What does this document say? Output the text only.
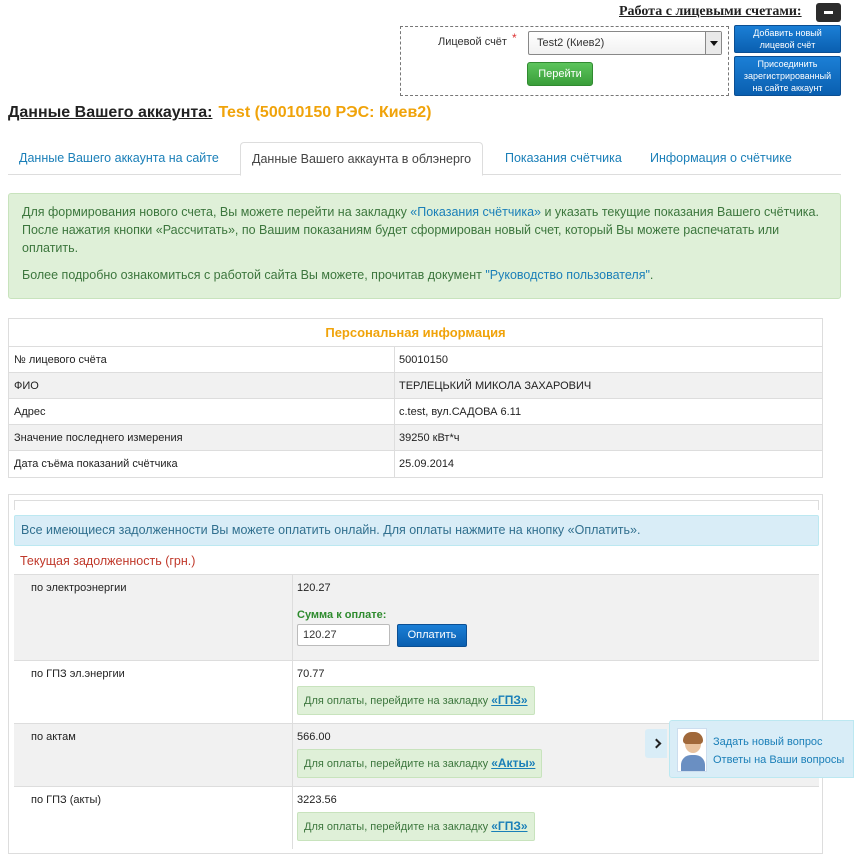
Работа с лицевыми счетами:
Лицевой счёт * Test2 (Киев2)
Перейти
Добавить новый лицевой счёт
Присоединить зарегистрированный на сайте аккаунт
Данные Вашего аккаунта: Test (50010150 РЭС: Киев2)
Данные Вашего аккаунта на сайте	Данные Вашего аккаунта в облэнерго	Показания счётчика	Информация о счётчике

Для формирования нового счета, Вы можете перейти на закладку «Показания счётчика» и указать текущие показания Вашего счётчика. После нажатия кнопки «Рассчитать», по Вашим показаниям будет сформирован новый счет, который Вы можете распечатать или оплатить.

Более подробно ознакомиться с работой сайта Вы можете, прочитав документ "Руководство пользователя".

Персональная информация
№ лицевого счёта	50010150
ФИО	ТЕРЛЕЦЬКИЙ МИКОЛА ЗАХАРОВИЧ
Адрес	с.test, вул.САДОВА 6.11
Значение последнего измерения	39250 кВт*ч
Дата съёма показаний счётчика	25.09.2014
Все имеющиеся задолженности Вы можете оплатить онлайн. Для оплаты нажмите на кнопку «Оплатить».
Текущая задолженность (грн.)
по электроэнергии	120.27
Сумма к оплате:
120.27
Оплатить
по ГПЗ эл.энергии	70.77
Для оплаты, перейдите на закладку «ГПЗ»
по актам	566.00
Для оплаты, перейдите на закладку «Акты»
по ГПЗ (акты)	3223.56
Для оплаты, перейдите на закладку «ГПЗ»
Задать новый вопрос
Ответы на Ваши вопросы
